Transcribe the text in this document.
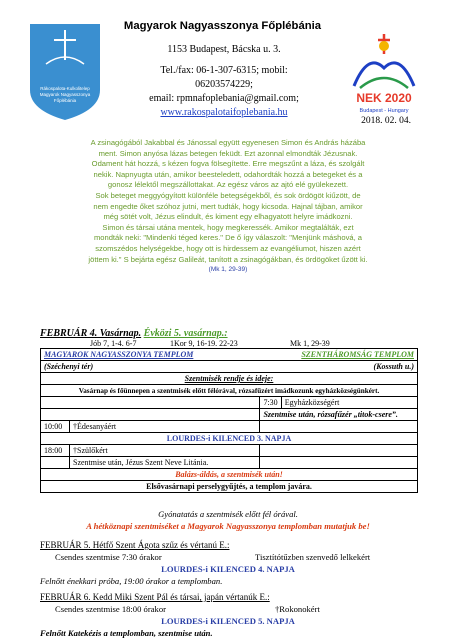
Rákospalota-Kulkolitelep
Magyarok Nagyasszonya
Főplébánia
Magyarok Nagyasszonya Főplébánia
1153 Budapest, Bácska u. 3.
Tel./fax: 06-1-307-6315; mobil:
06203574229;
email: rpmnafoplebania@gmail.com;
www.rakospalotaifoplebania.hu
NEK 2020
Budapest - Hungary
2018. 02. 04.
A zsinagógából Jakabbal és Jánossal együtt egyenesen Simon és András házába
ment. Simon anyósa lázas betegen feküdt. Ezt azonnal elmondták Jézusnak.
Odament hát hozzá, s kézen fogva fölsegítette. Erre megszűnt a láza, és szolgált
nekik. Napnyugta után, amikor beesteledett, odahordták hozzá a betegeket és a
gonosz lélektől megszállottakat. Az egész város az ajtó elé gyülekezett.
Sok beteget meggyógyított különféle betegségekből, és sok ördögöt kiűzött, de
nem engedte őket szóhoz jutni, mert tudták, hogy kicsoda. Hajnal tájban, amikor
még sötét volt, Jézus elindult, és kiment egy elhagyatott helyre imádkozni.
Simon és társai utána mentek, hogy megkeressék. Amikor megtalálták, ezt
mondták neki: "Mindenki téged keres." De ő így válaszolt: "Menjünk máshová, a
szomszédos helységekbe, hogy ott is hirdessem az evangéliumot, hiszen azért
jöttem ki." S bejárta egész Galileát, tanított a zsinagógákban, és ördögöket űzött ki.
(Mk 1, 29-39)
FEBRUÁR 4. Vasárnap. Évközi 5. vasárnap.:
Jób 7, 1-4. 6-7	1Kor 9, 16-19. 22-23	Mk 1, 29-39
MAGYAROK NAGYASSZONYA TEMPLOM		SZENTHÁROMSÁG TEMPLOM	
(Széchenyi tér)		(Kossuth u.)	
Szentmisék rendje és ideje:			
Vasárnap és főünnepen a szentmisék előtt félórával, rózsafűzért imádkozunk egyházközségünkért.			
		7:30	Egyházközségért
		Szentmise után, rózsafűzér „titok-csere”.	
10:00	†Édesanyáért		
LOURDES-i KILENCED 3. NAPJA			
18:00	†Szülőkért		
	Szentmise után, Jézus Szent Neve Litánia.		
Balázs-áldás, a szentmisék után!			
Elsővasárnapi perselygyűjtés, a templom javára.			
Gyónatatás a szentmisék előtt fél órával.
A hétköznapi szentmiséket a Magyarok Nagyasszonya templomban mutatjuk be!
FEBRUÁR 5. Hétfő Szent Ágota szűz és vértanú E.:
Csendes szentmise 7:30 órakor	Tisztítótűzben szenvedő lelkekért
LOURDES-i KILENCED 4. NAPJA
Felnőtt énekkari próba, 19:00 órakor a templomban.
FEBRUÁR 6. Kedd Miki Szent Pál és társai, japán vértanúk E.:
Csendes szentmise 18:00 órakor	†Rokonokért
LOURDES-i KILENCED 5. NAPJA
Felnőtt Katekézis a templomban, szentmise után.
